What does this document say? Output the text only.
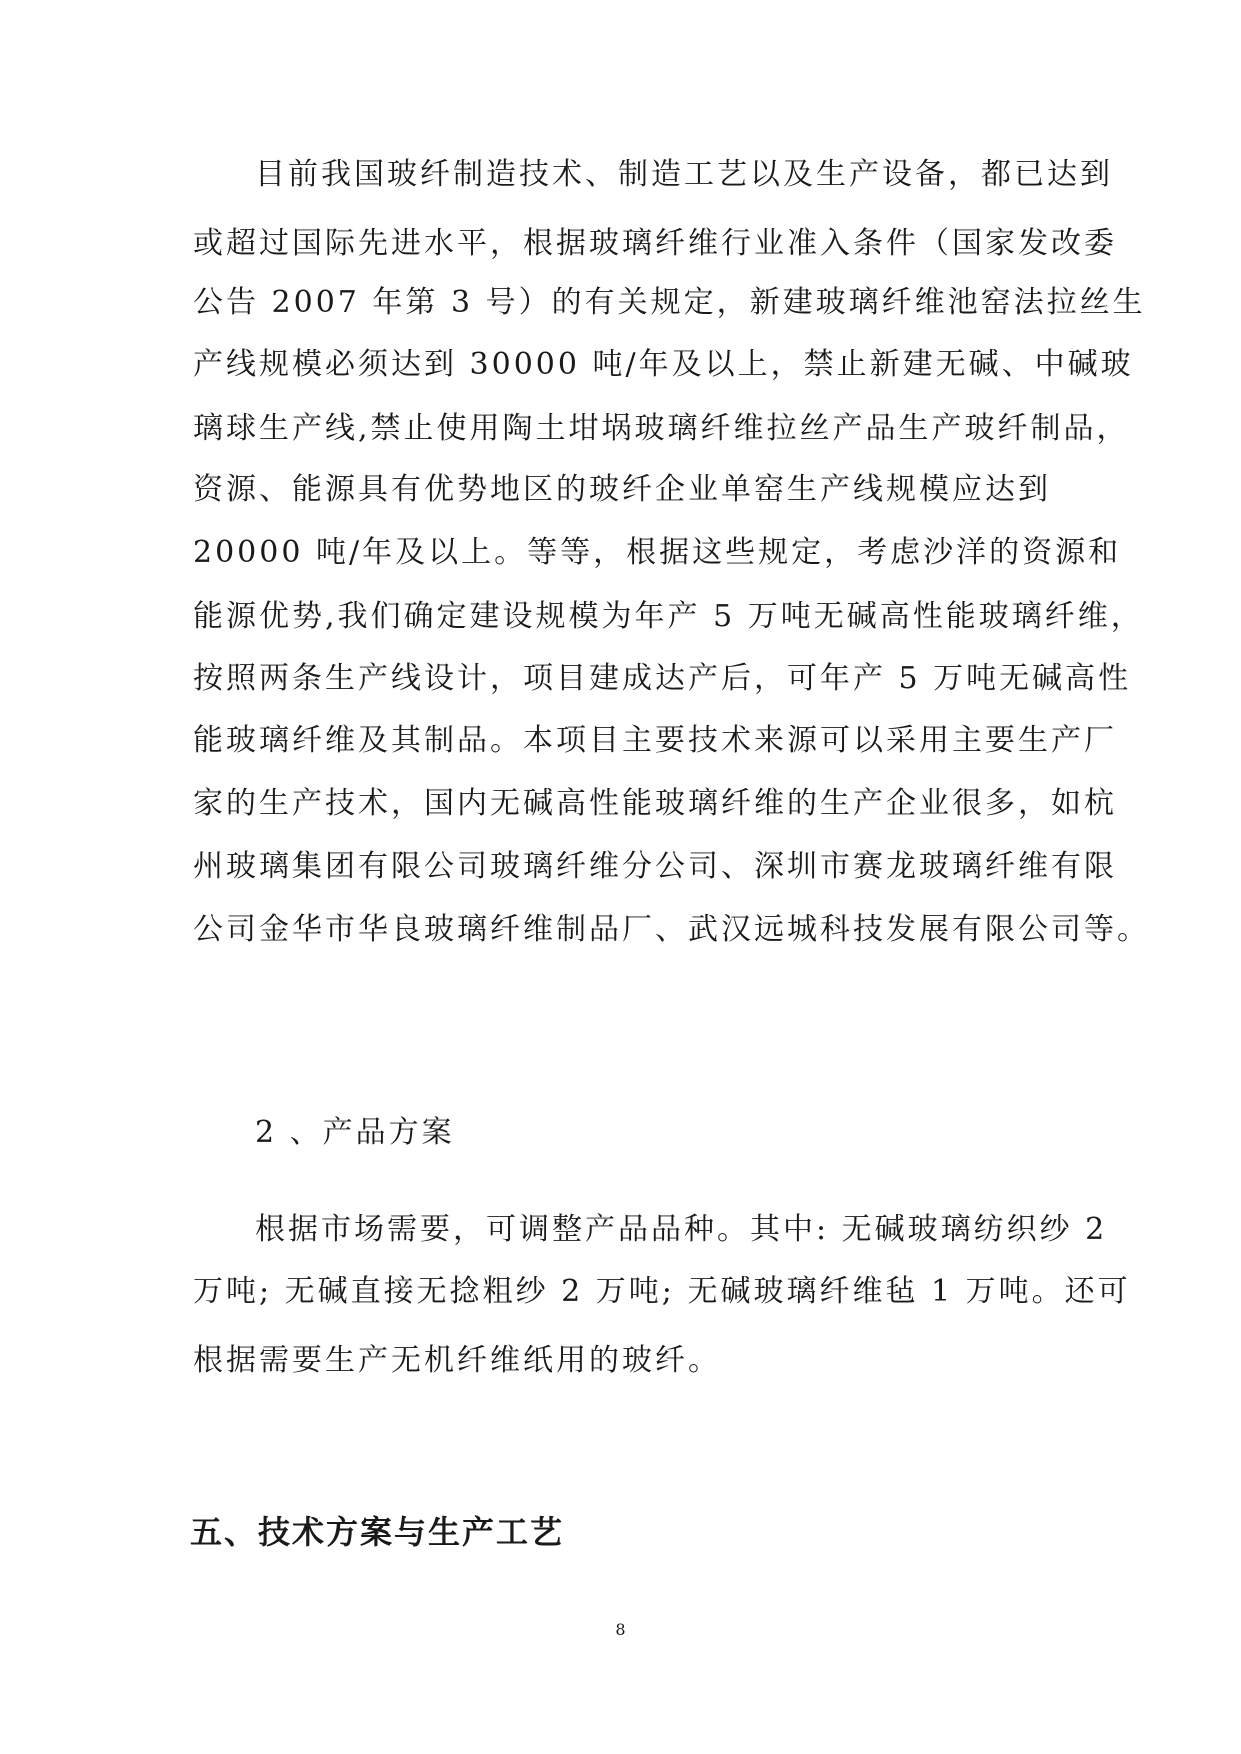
目前我国玻纤制造技术、制造工艺以及生产设备，都已达到
或超过国际先进水平，根据玻璃纤维行业准入条件（国家发改委
公告 2007 年第 3 号）的有关规定，新建玻璃纤维池窑法拉丝生
产线规模必须达到 30000 吨/年及以上，禁止新建无碱、中碱玻
璃球生产线,禁止使用陶土坩埚玻璃纤维拉丝产品生产玻纤制品，
资源、能源具有优势地区的玻纤企业单窑生产线规模应达到
20000 吨/年及以上。等等，根据这些规定，考虑沙洋的资源和
能源优势,我们确定建设规模为年产 5 万吨无碱高性能玻璃纤维，
按照两条生产线设计，项目建成达产后，可年产 5 万吨无碱高性
能玻璃纤维及其制品。本项目主要技术来源可以采用主要生产厂
家的生产技术，国内无碱高性能玻璃纤维的生产企业很多，如杭
州玻璃集团有限公司玻璃纤维分公司、深圳市赛龙玻璃纤维有限
公司金华市华良玻璃纤维制品厂、武汉远城科技发展有限公司等。
2 、产品方案
根据市场需要，可调整产品品种。其中: 无碱玻璃纺织纱 2
万吨; 无碱直接无捻粗纱 2 万吨; 无碱玻璃纤维毡 1 万吨。还可
根据需要生产无机纤维纸用的玻纤。
五、技术方案与生产工艺
8
